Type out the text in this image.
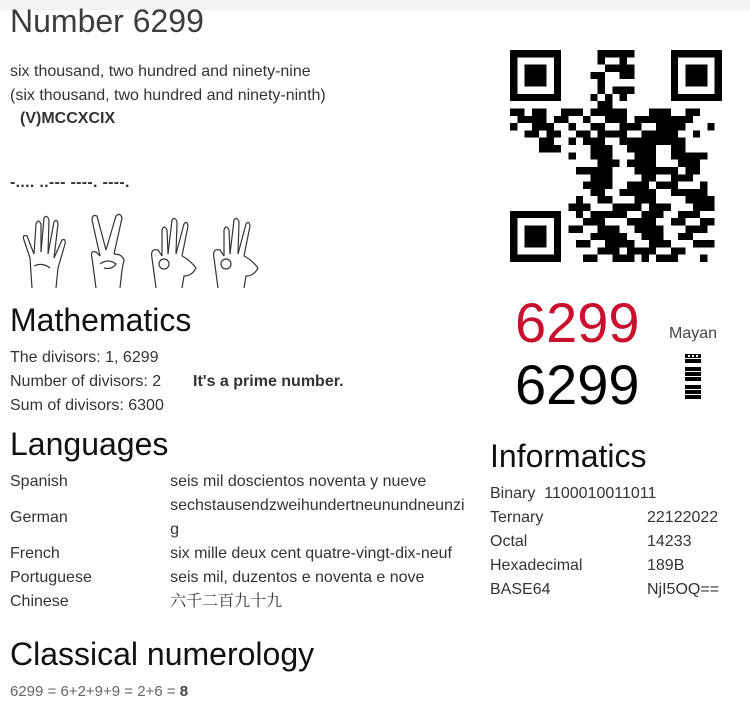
Number 6299
six thousand, two hundred and ninety-nine
(six thousand, two hundred and ninety-ninth)
(V)MCCXCIX
-.... ..--- ----. ----.
6299
6299
Mayan
Mathematics
The divisors: 1, 6299
Number of divisors: 2 It's a prime number.
Sum of divisors: 6300
Languages
Spanish	seis mil doscientos noventa y nueve
German	sechstausendzweihundertneunundneunzig
French	six mille deux cent quatre-vingt-dix-neuf
Portuguese	seis mil, duzentos e noventa e nove
Chinese	六千二百九十九
Informatics
Binary 1100010011011
Ternary	22122022
Octal	14233
Hexadecimal	189B
BASE64	NjI5OQ==
Classical numerology
6299 = 6+2+9+9 = 2+6 = 8
